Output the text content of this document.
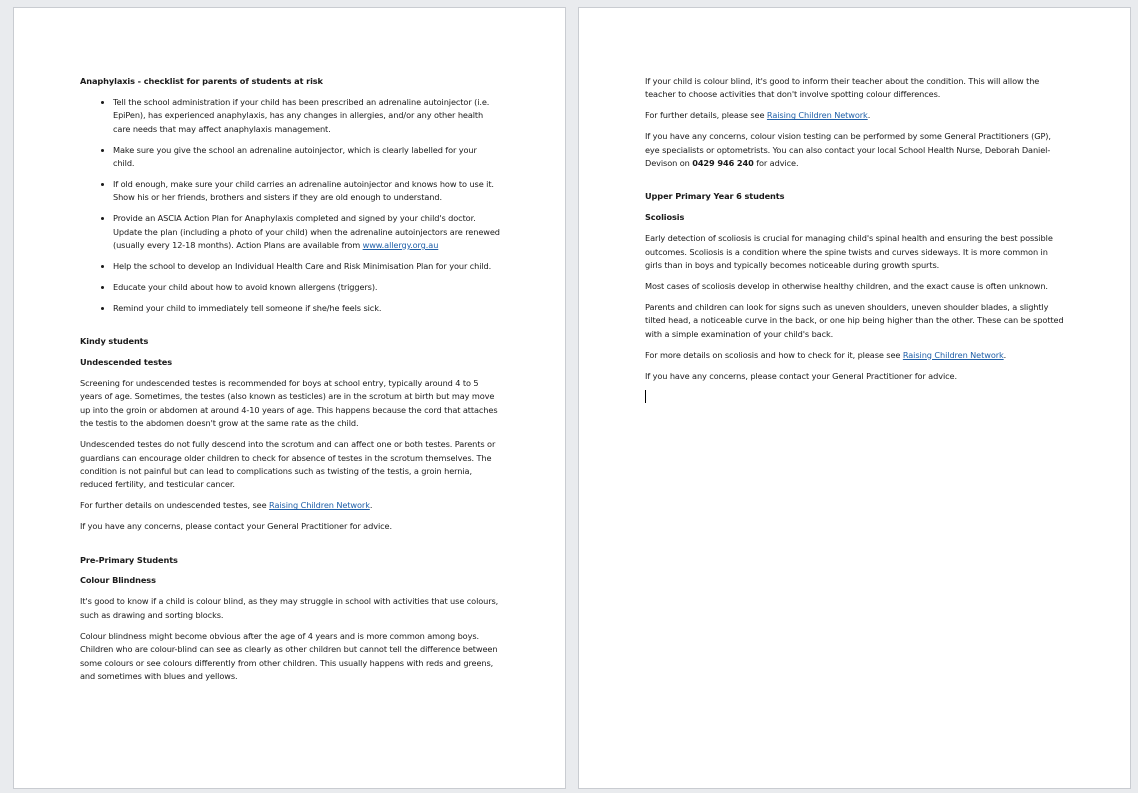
Anaphylaxis - checklist for parents of students at risk
• Tell the school administration if your child has been prescribed an adrenaline autoinjector (i.e. EpiPen), has experienced anaphylaxis, has any changes in allergies, and/or any other health care needs that may affect anaphylaxis management.
• Make sure you give the school an adrenaline autoinjector, which is clearly labelled for your child.
• If old enough, make sure your child carries an adrenaline autoinjector and knows how to use it. Show his or her friends, brothers and sisters if they are old enough to understand.
• Provide an ASCIA Action Plan for Anaphylaxis completed and signed by your child's doctor. Update the plan (including a photo of your child) when the adrenaline autoinjectors are renewed (usually every 12-18 months). Action Plans are available from www.allergy.org.au
• Help the school to develop an Individual Health Care and Risk Minimisation Plan for your child.
• Educate your child about how to avoid known allergens (triggers).
• Remind your child to immediately tell someone if she/he feels sick.
Kindy students
Undescended testes

Screening for undescended testes is recommended for boys at school entry, typically around 4 to 5 years of age. Sometimes, the testes (also known as testicles) are in the scrotum at birth but may move up into the groin or abdomen at around 4-10 years of age. This happens because the cord that attaches the testis to the abdomen doesn't grow at the same rate as the child.

Undescended testes do not fully descend into the scrotum and can affect one or both testes. Parents or guardians can encourage older children to check for absence of testes in the scrotum themselves. The condition is not painful but can lead to complications such as twisting of the testis, a groin hernia, reduced fertility, and testicular cancer.

For further details on undescended testes, see Raising Children Network.

If you have any concerns, please contact your General Practitioner for advice.

Pre-Primary Students
Colour Blindness

It's good to know if a child is colour blind, as they may struggle in school with activities that use colours, such as drawing and sorting blocks.

Colour blindness might become obvious after the age of 4 years and is more common among boys. Children who are colour-blind can see as clearly as other children but cannot tell the difference between some colours or see colours differently from other children. This usually happens with reds and greens, and sometimes with blues and yellows.

If your child is colour blind, it's good to inform their teacher about the condition. This will allow the teacher to choose activities that don't involve spotting colour differences.

For further details, please see Raising Children Network.

If you have any concerns, colour vision testing can be performed by some General Practitioners (GP), eye specialists or optometrists. You can also contact your local School Health Nurse, Deborah Daniel-Devison on 0429 946 240 for advice.

Upper Primary Year 6 students
Scoliosis

Early detection of scoliosis is crucial for managing child's spinal health and ensuring the best possible outcomes. Scoliosis is a condition where the spine twists and curves sideways. It is more common in girls than in boys and typically becomes noticeable during growth spurts.

Most cases of scoliosis develop in otherwise healthy children, and the exact cause is often unknown.

Parents and children can look for signs such as uneven shoulders, uneven shoulder blades, a slightly tilted head, a noticeable curve in the back, or one hip being higher than the other. These can be spotted with a simple examination of your child's back.

For more details on scoliosis and how to check for it, please see Raising Children Network.

If you have any concerns, please contact your General Practitioner for advice.
